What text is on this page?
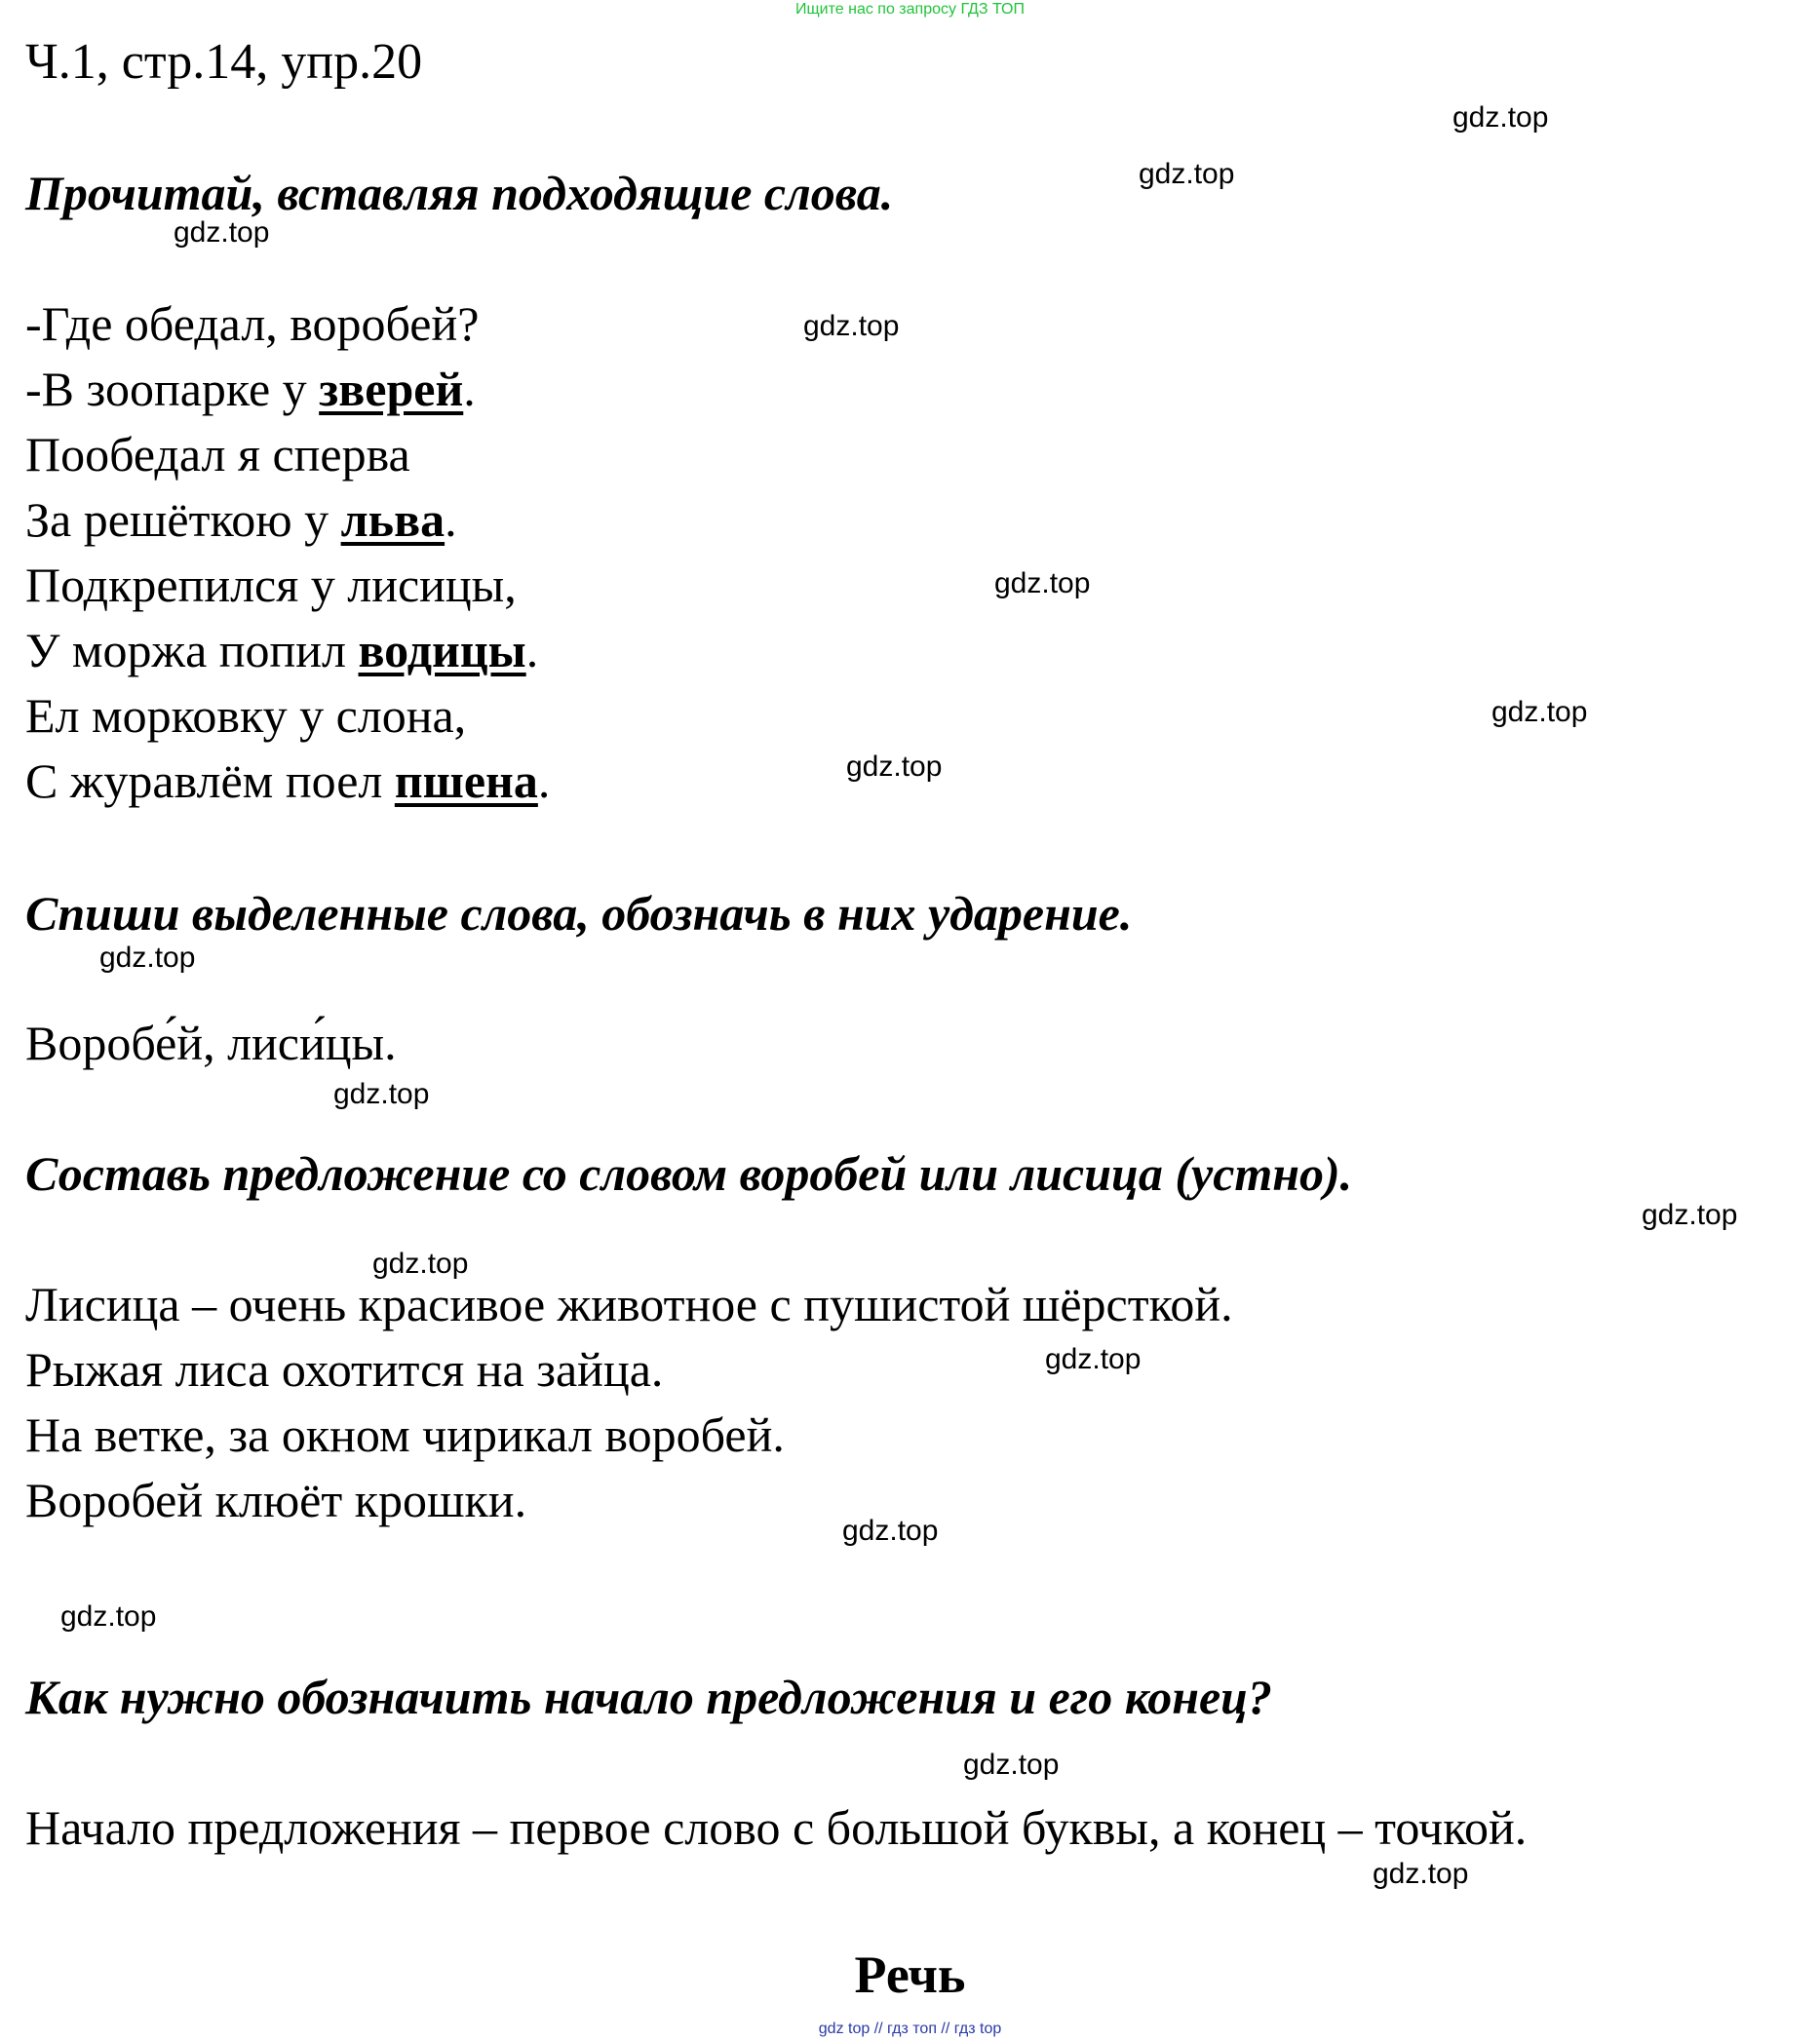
Ищите нас по запросу ГДЗ ТОП
Ч.1, стр.14, упр.20
Прочитай, вставляя подходящие слова.
-Где обедал, воробей?
-В зоопарке у зверей.
Пообедал я сперва
За решёткою у льва.
Подкрепился у лисицы,
У моржа попил водицы.
Ел морковку у слона,
С журавлём поел пшена.
Спиши выделенные слова, обозначь в них ударение.
Воробе́й, лиси́цы.
Составь предложение со словом воробей или лисица (устно).
Лисица – очень красивое животное с пушистой шёрсткой.
Рыжая лиса охотится на зайца.
На ветке, за окном чирикал воробей.
Воробей клюёт крошки.
Как нужно обозначить начало предложения и его конец?
Начало предложения – первое слово с большой буквы, а конец – точкой.
Речь
gdz.top
gdz.top
gdz.top
gdz.top
gdz.top
gdz.top
gdz.top
gdz.top
gdz.top
gdz.top
gdz.top
gdz.top
gdz.top
gdz.top
gdz.top
gdz.top
gdz top // гдз топ // гдз top
